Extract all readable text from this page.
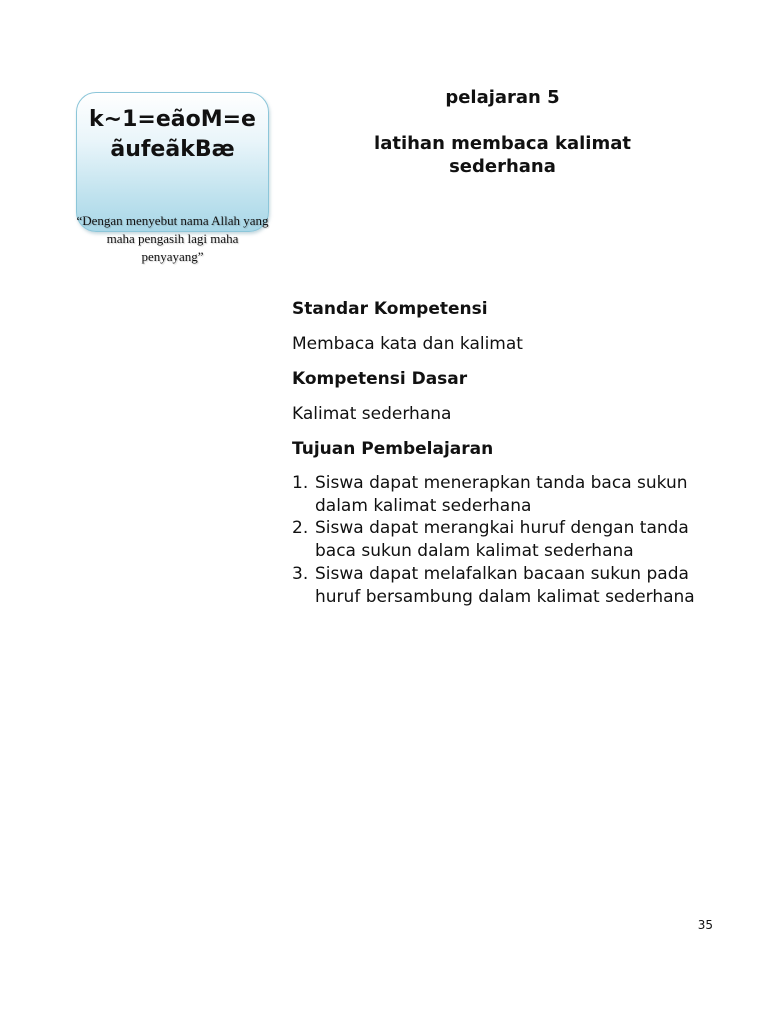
k~1=eãoM=eãufeãkBæ
“Dengan menyebut nama Allah yang maha pengasih lagi maha penyayang”
pelajaran 5
latihan membaca kalimat sederhana
Standar Kompetensi
Membaca kata dan kalimat
Kompetensi Dasar
Kalimat sederhana
Tujuan Pembelajaran
1. Siswa dapat menerapkan tanda baca sukun dalam kalimat sederhana
2. Siswa dapat merangkai huruf dengan tanda baca sukun dalam kalimat sederhana
3. Siswa dapat melafalkan bacaan sukun pada huruf bersambung dalam kalimat sederhana
35
